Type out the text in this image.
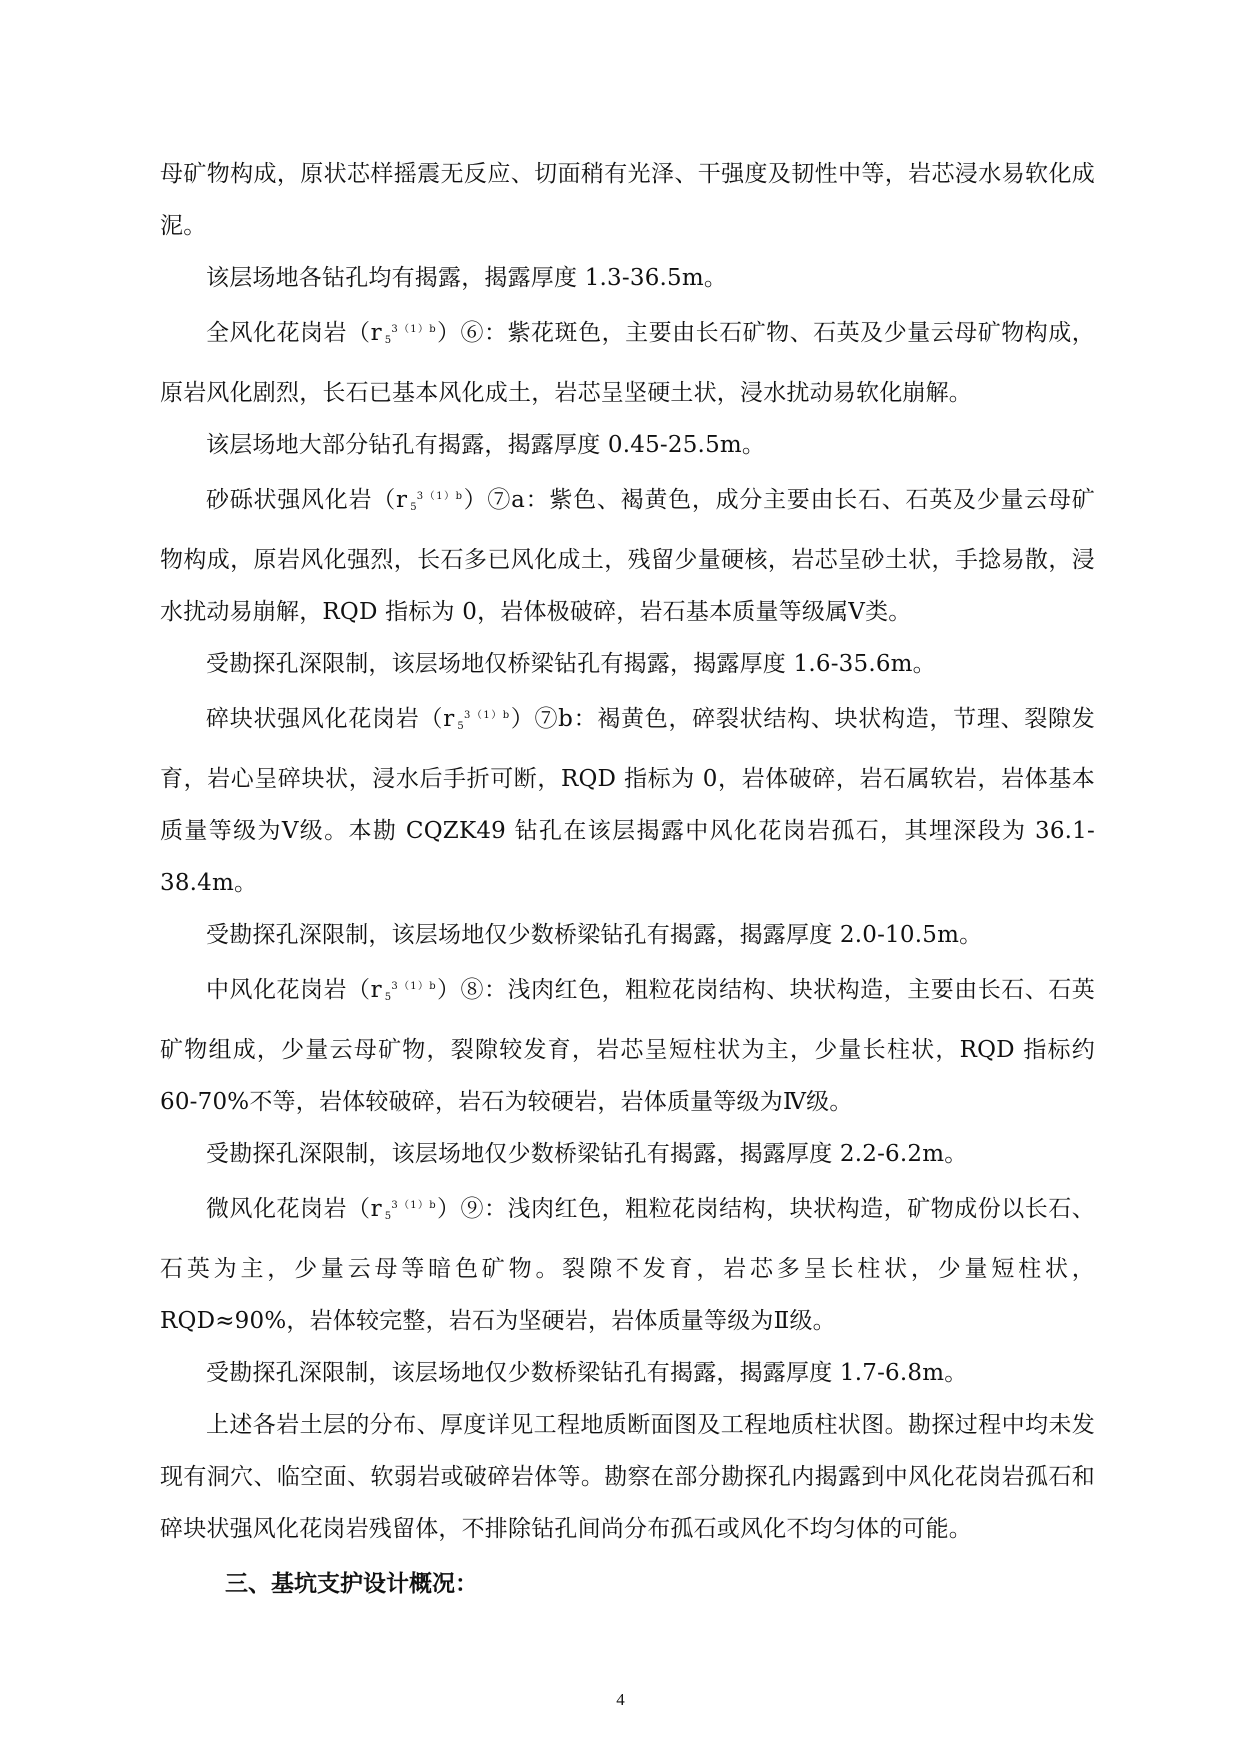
母矿物构成，原状芯样摇震无反应、切面稍有光泽、干强度及韧性中等，岩芯浸水易软化成泥。

该层场地各钻孔均有揭露，揭露厚度 1.3-36.5m。

全风化花岗岩（r $_5^{3(1)b}$）⑥：紫花斑色，主要由长石矿物、石英及少量云母矿物构成，原岩风化剧烈，长石已基本风化成土，岩芯呈坚硬土状，浸水扰动易软化崩解。

该层场地大部分钻孔有揭露，揭露厚度 0.45-25.5m。

砂砾状强风化岩（r $_5^{3(1)b}$）⑦a：紫色、褐黄色，成分主要由长石、石英及少量云母矿物构成，原岩风化强烈，长石多已风化成土，残留少量硬核，岩芯呈砂土状，手捻易散，浸水扰动易崩解，RQD 指标为 0，岩体极破碎，岩石基本质量等级属Ⅴ类。

受勘探孔深限制，该层场地仅桥梁钻孔有揭露，揭露厚度 1.6-35.6m。

碎块状强风化花岗岩（r $_5^{3(1)b}$）⑦b：褐黄色，碎裂状结构、块状构造，节理、裂隙发育，岩心呈碎块状，浸水后手折可断，RQD 指标为 0，岩体破碎，岩石属软岩，岩体基本质量等级为Ⅴ级。本勘 CQZK49 钻孔在该层揭露中风化花岗岩孤石，其埋深段为 36.1-38.4m。

受勘探孔深限制，该层场地仅少数桥梁钻孔有揭露，揭露厚度 2.0-10.5m。

中风化花岗岩（r $_5^{3(1)b}$）⑧：浅肉红色，粗粒花岗结构、块状构造，主要由长石、石英矿物组成，少量云母矿物，裂隙较发育，岩芯呈短柱状为主，少量长柱状，RQD 指标约 60-70%不等，岩体较破碎，岩石为较硬岩，岩体质量等级为Ⅳ级。

受勘探孔深限制，该层场地仅少数桥梁钻孔有揭露，揭露厚度 2.2-6.2m。

微风化花岗岩（r $_5^{3(1)b}$）⑨：浅肉红色，粗粒花岗结构，块状构造，矿物成份以长石、石英为主，少量云母等暗色矿物。裂隙不发育，岩芯多呈长柱状，少量短柱状，RQD≈90%，岩体较完整，岩石为坚硬岩，岩体质量等级为Ⅱ级。

受勘探孔深限制，该层场地仅少数桥梁钻孔有揭露，揭露厚度 1.7-6.8m。

上述各岩土层的分布、厚度详见工程地质断面图及工程地质柱状图。勘探过程中均未发现有洞穴、临空面、软弱岩或破碎岩体等。勘察在部分勘探孔内揭露到中风化花岗岩孤石和碎块状强风化花岗岩残留体，不排除钻孔间尚分布孤石或风化不均匀体的可能。

三、基坑支护设计概况：
4
